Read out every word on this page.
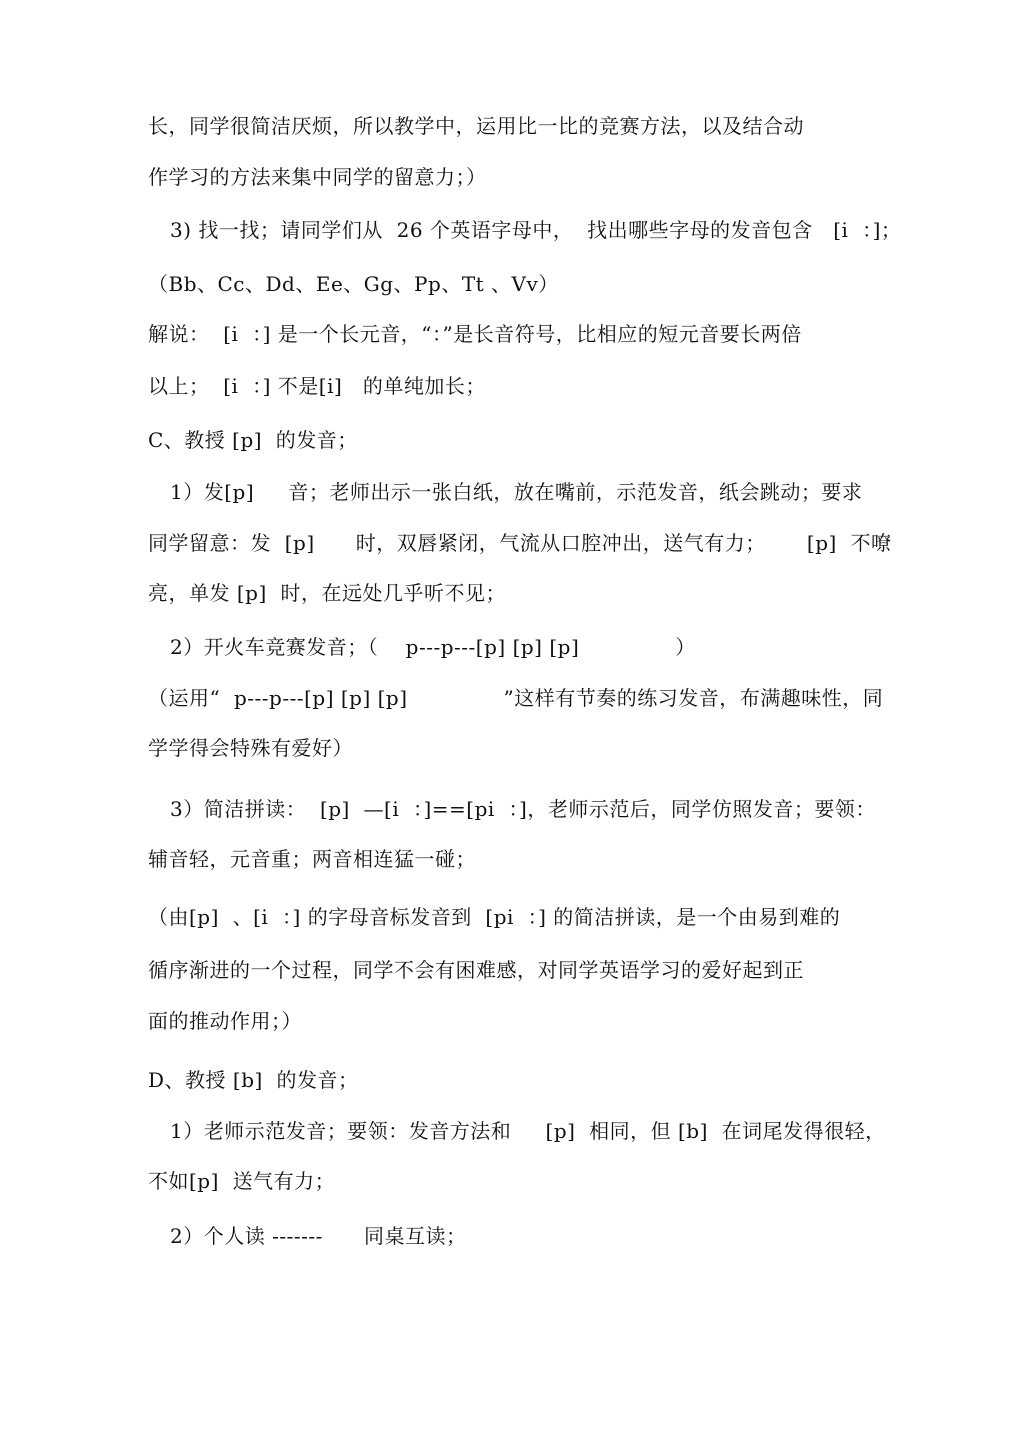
长，同学很简洁厌烦，所以教学中，运用比一比的竞赛方法，以及结合动
作学习的方法来集中同学的留意力；）
3) 找一找；请同学们从  26 个英语字母中，  找出哪些字母的发音包含   [i  ：]；
（Bb、Cc、Dd、Ee、Gg、Pp、Tt 、Vv）
解说：  [i  ：] 是一个长元音，“：”是长音符号，比相应的短元音要长两倍
以上；  [i  ：] 不是[i]   的单纯加长；
C、教授 [p]  的发音；
1）发[p]     音；老师出示一张白纸，放在嘴前，示范发音，纸会跳动；要求
同学留意：发  [p]      时，双唇紧闭，气流从口腔冲出，送气有力；      [p]  不嘹
亮，单发 [p]  时，在远处几乎听不见；
2）开火车竞赛发音；（    p---p---[p] [p] [p]              ）
（运用“  p---p---[p] [p] [p]              ”这样有节奏的练习发音，布满趣味性，同
学学得会特殊有爱好）
3）简洁拼读：  [p]  —[i  ：]==[pi  ：]，老师示范后，同学仿照发音；要领：
辅音轻，元音重；两音相连猛一碰；
（由[p]  、[i  ：] 的字母音标发音到  [pi  ：] 的简洁拼读，是一个由易到难的
循序渐进的一个过程，同学不会有困难感，对同学英语学习的爱好起到正
面的推动作用；）
D、教授 [b]  的发音；
1）老师示范发音；要领：发音方法和     [p]  相同，但 [b]  在词尾发得很轻，
不如[p]  送气有力；
2）个人读 -------      同桌互读；
